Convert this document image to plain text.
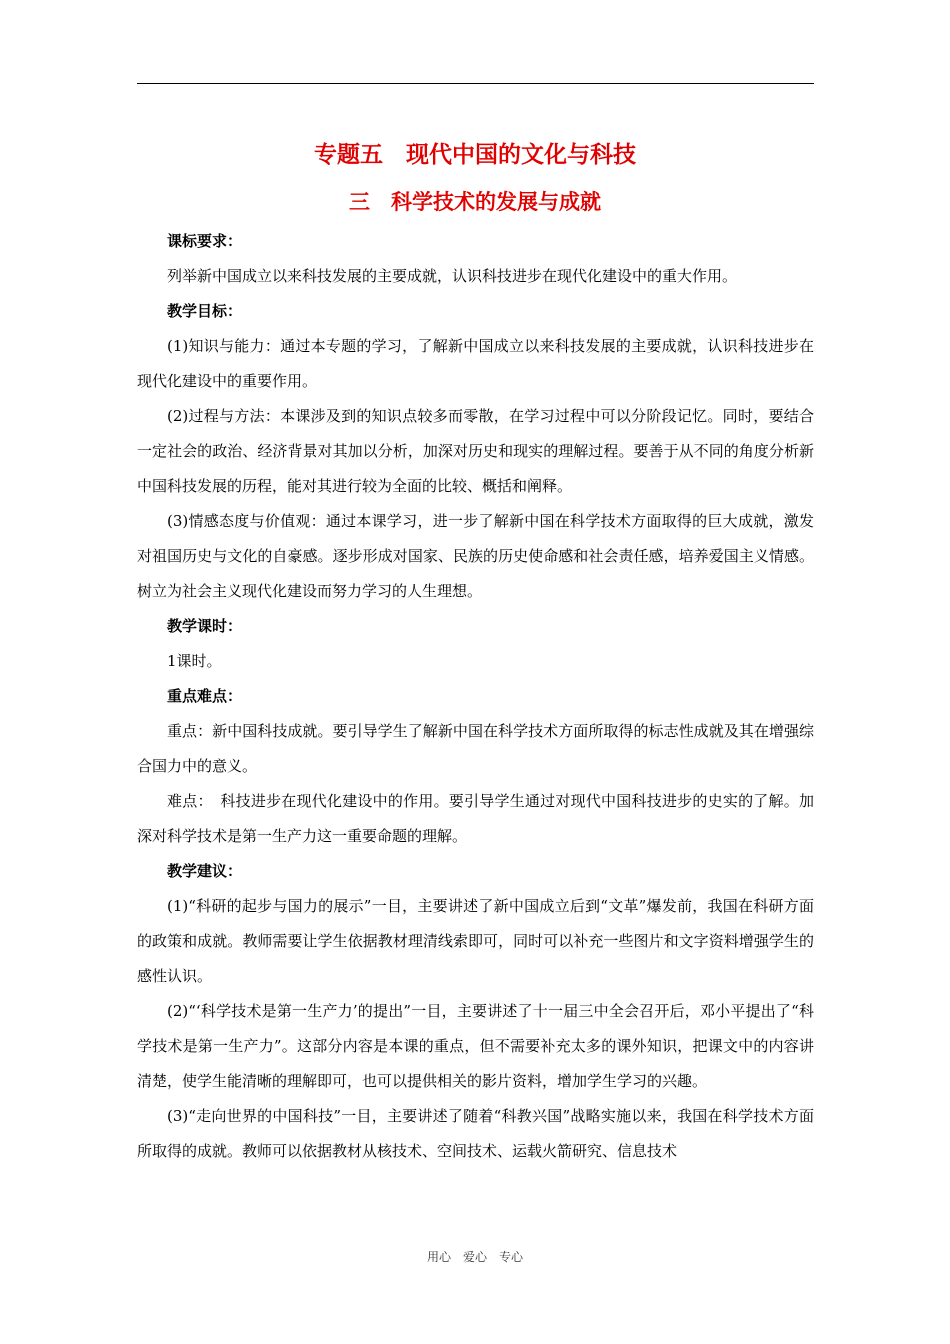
专题五　现代中国的文化与科技
三　科学技术的发展与成就

课标要求：

列举新中国成立以来科技发展的主要成就，认识科技进步在现代化建设中的重大作用。

教学目标：

(1)知识与能力：通过本专题的学习，了解新中国成立以来科技发展的主要成就，认识科技进步在现代化建设中的重要作用。

(2)过程与方法：本课涉及到的知识点较多而零散，在学习过程中可以分阶段记忆。同时，要结合一定社会的政治、经济背景对其加以分析，加深对历史和现实的理解过程。要善于从不同的角度分析新中国科技发展的历程，能对其进行较为全面的比较、概括和阐释。

(3)情感态度与价值观：通过本课学习，进一步了解新中国在科学技术方面取得的巨大成就，激发对祖国历史与文化的自豪感。逐步形成对国家、民族的历史使命感和社会责任感，培养爱国主义情感。树立为社会主义现代化建设而努力学习的人生理想。

教学课时：

1课时。

重点难点：

重点：新中国科技成就。要引导学生了解新中国在科学技术方面所取得的标志性成就及其在增强综合国力中的意义。

难点：　科技进步在现代化建设中的作用。要引导学生通过对现代中国科技进步的史实的了解。加深对科学技术是第一生产力这一重要命题的理解。

教学建议：

(1)“科研的起步与国力的展示”一目，主要讲述了新中国成立后到“文革”爆发前，我国在科研方面的政策和成就。教师需要让学生依据教材理清线索即可，同时可以补充一些图片和文字资料增强学生的感性认识。

(2)“‘科学技术是第一生产力’的提出”一目，主要讲述了十一届三中全会召开后，邓小平提出了“科学技术是第一生产力”。这部分内容是本课的重点，但不需要补充太多的课外知识，把课文中的内容讲清楚，使学生能清晰的理解即可，也可以提供相关的影片资料，增加学生学习的兴趣。

(3)“走向世界的中国科技”一目，主要讲述了随着“科教兴国”战略实施以来，我国在科学技术方面所取得的成就。教师可以依据教材从核技术、空间技术、运载火箭研究、信息技术

用心　爱心　专心
